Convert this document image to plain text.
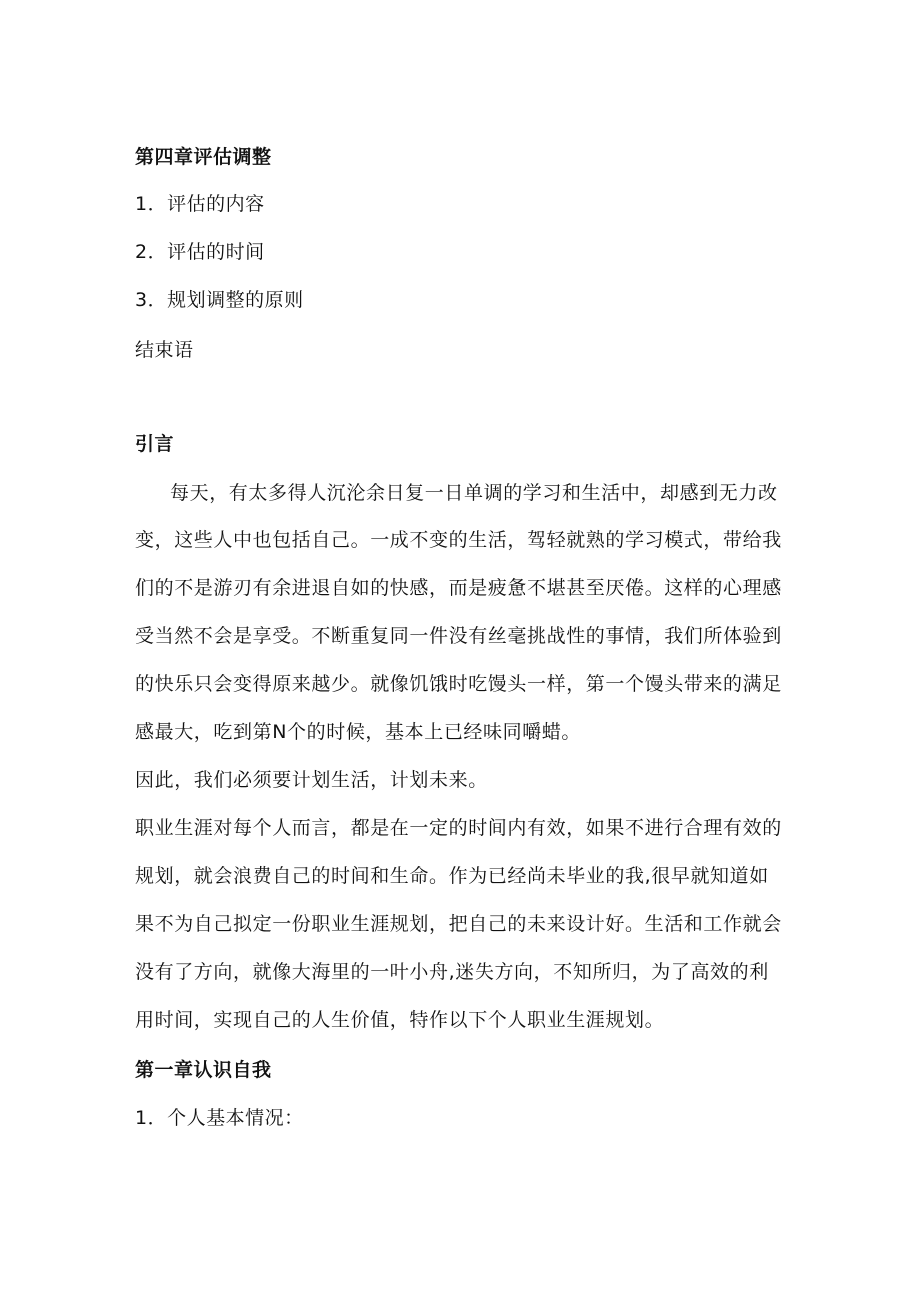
第四章评估调整
1．评估的内容
2．评估的时间
3．规划调整的原则
结束语
引言
每天，有太多得人沉沦余日复一日单调的学习和生活中，却感到无力改
变，这些人中也包括自己。一成不变的生活，驾轻就熟的学习模式，带给我
们的不是游刃有余进退自如的快感，而是疲惫不堪甚至厌倦。这样的心理感
受当然不会是享受。不断重复同一件没有丝毫挑战性的事情，我们所体验到
的快乐只会变得原来越少。就像饥饿时吃馒头一样，第一个馒头带来的满足
感最大，吃到第N个的时候，基本上已经味同嚼蜡。
因此，我们必须要计划生活，计划未来。
职业生涯对每个人而言，都是在一定的时间内有效，如果不进行合理有效的
规划，就会浪费自己的时间和生命。作为已经尚未毕业的我,很早就知道如
果不为自己拟定一份职业生涯规划，把自己的未来设计好。生活和工作就会
没有了方向，就像大海里的一叶小舟,迷失方向，不知所归，为了高效的利
用时间，实现自己的人生价值，特作以下个人职业生涯规划。
第一章认识自我
1．个人基本情况：
